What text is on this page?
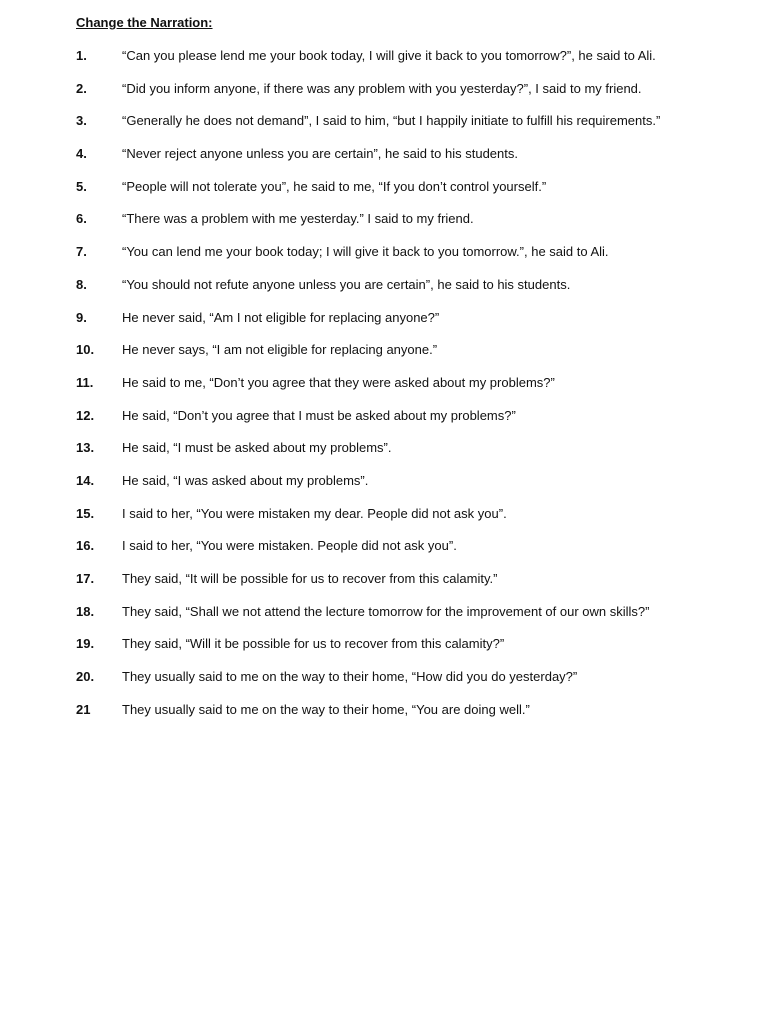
Change the Narration:
1.	“Can you please lend me your book today, I will give it back to you tomorrow?”, he said to Ali.
2.	“Did you inform anyone, if there was any problem with you yesterday?”, I said to my friend.
3.	“Generally he does not demand”, I said to him, “but I happily initiate to fulfill his requirements.”
4.	“Never reject anyone unless you are certain”, he said to his students.
5.	“People will not tolerate you”, he said to me, “If you don’t control yourself.”
6.	“There was a problem with me yesterday.” I said to my friend.
7.	“You can lend me your book today; I will give it back to you tomorrow.”, he said to Ali.
8.	“You should not refute anyone unless you are certain”, he said to his students.
9.	He never said, “Am I not eligible for replacing anyone?”
10.	He never says, “I am not eligible for replacing anyone.”
11.	He said to me, “Don’t you agree that they were asked about my problems?”
12.	He said, “Don’t you agree that I must be asked about my problems?”
13.	He said, “I must be asked about my problems”.
14.	He said, “I was asked about my problems”.
15.	I said to her, “You were mistaken my dear. People did not ask you”.
16.	I said to her, “You were mistaken. People did not ask you”.
17.	They said, “It will be possible for us to recover from this calamity.”
18.	They said, “Shall we not attend the lecture tomorrow for the improvement of our own skills?”
19.	They said, “Will it be possible for us to recover from this calamity?”
20.	They usually said to me on the way to their home, “How did you do yesterday?”
21	They usually said to me on the way to their home, “You are doing well.”
